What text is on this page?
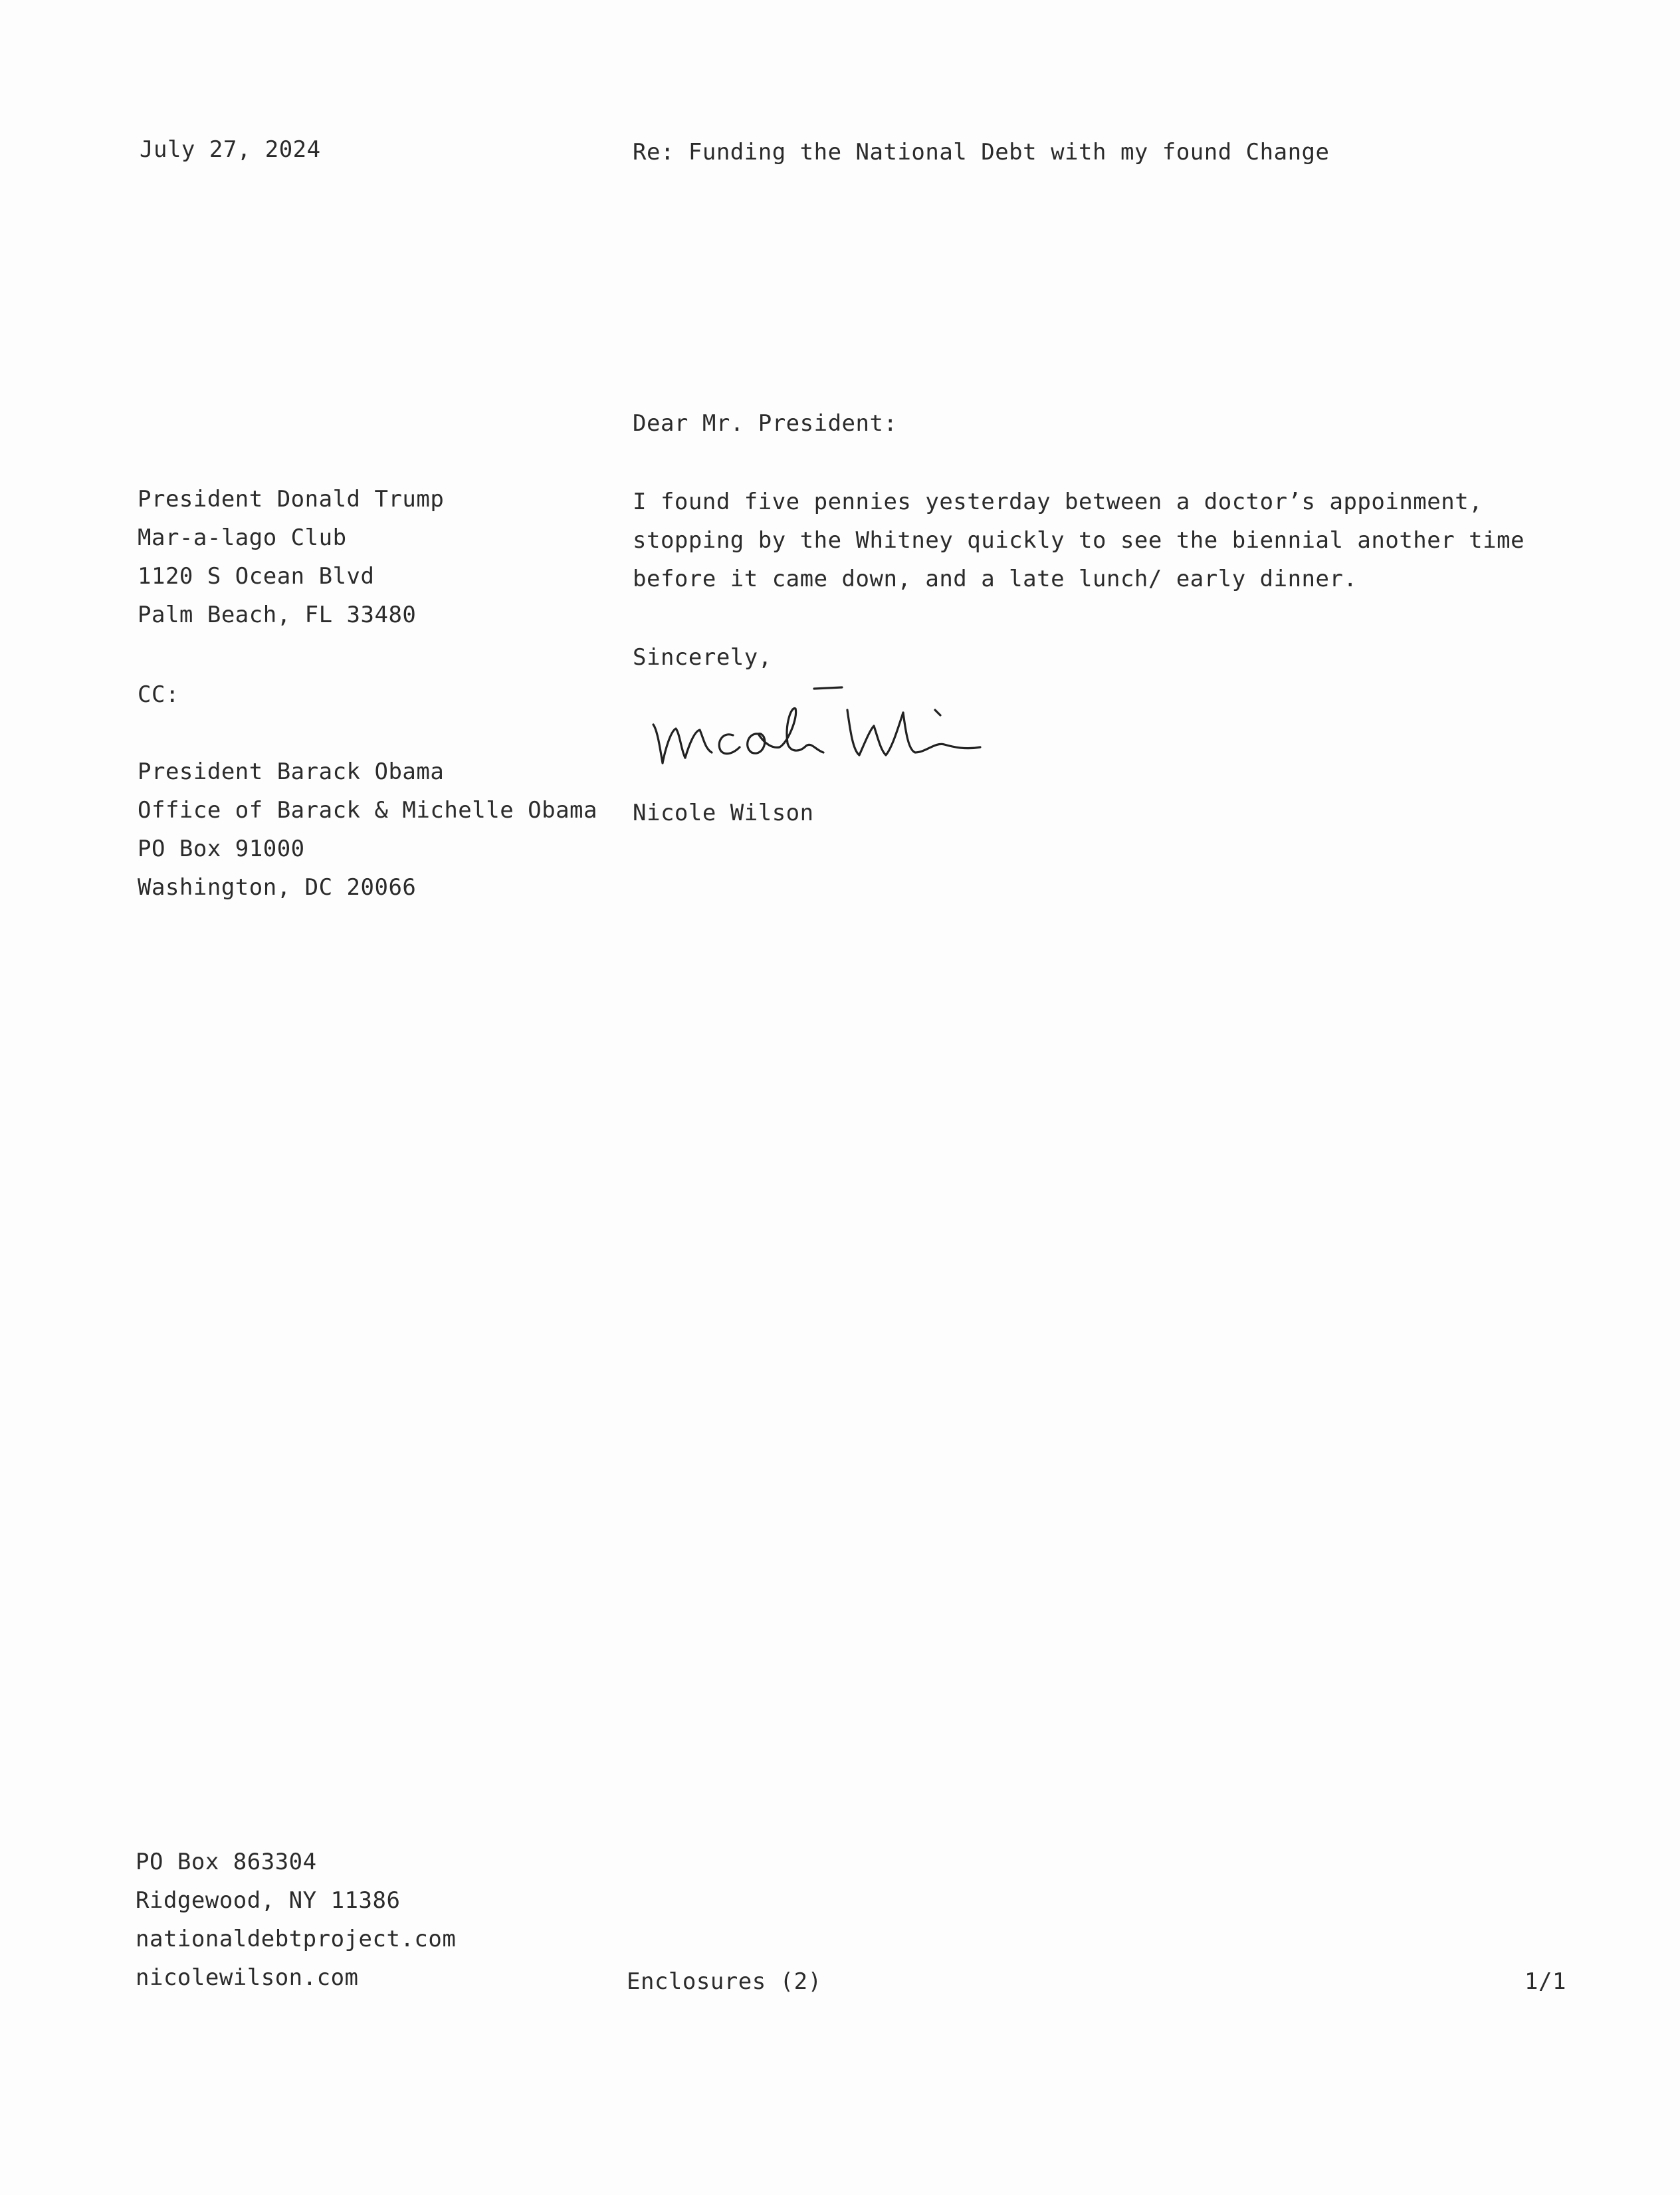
July 27, 2024	Re: Funding the National Debt with my found Change
Dear Mr. President:
President Donald Trump
Mar-a-lago Club
1120 S Ocean Blvd
Palm Beach, FL 33480
CC:
President Barack Obama
Office of Barack & Michelle Obama
PO Box 91000
Washington, DC 20066
I found five pennies yesterday between a doctor’s appoinment,
stopping by the Whitney quickly to see the biennial another time
before it came down, and a late lunch/ early dinner.
Sincerely,
Nicole Wilson
PO Box 863304
Ridgewood, NY 11386
nationaldebtproject.com
nicolewilson.com	Enclosures (2)	1/1
